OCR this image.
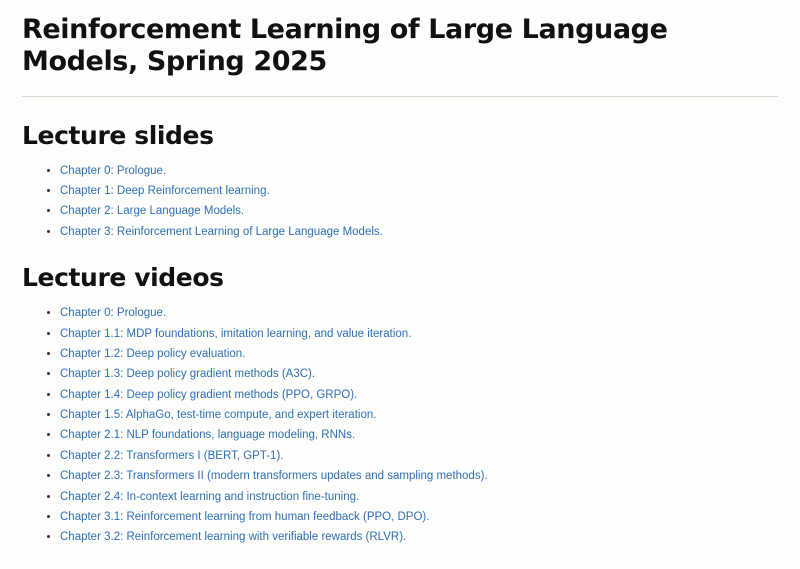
Reinforcement Learning of Large Language Models, Spring 2025
Lecture slides
• Chapter 0: Prologue.
• Chapter 1: Deep Reinforcement learning.
• Chapter 2: Large Language Models.
• Chapter 3: Reinforcement Learning of Large Language Models.
Lecture videos
• Chapter 0: Prologue.
• Chapter 1.1: MDP foundations, imitation learning, and value iteration.
• Chapter 1.2: Deep policy evaluation.
• Chapter 1.3: Deep policy gradient methods (A3C).
• Chapter 1.4: Deep policy gradient methods (PPO, GRPO).
• Chapter 1.5: AlphaGo, test-time compute, and expert iteration.
• Chapter 2.1: NLP foundations, language modeling, RNNs.
• Chapter 2.2: Transformers I (BERT, GPT-1).
• Chapter 2.3: Transformers II (modern transformers updates and sampling methods).
• Chapter 2.4: In-context learning and instruction fine-tuning.
• Chapter 3.1: Reinforcement learning from human feedback (PPO, DPO).
• Chapter 3.2: Reinforcement learning with verifiable rewards (RLVR).
